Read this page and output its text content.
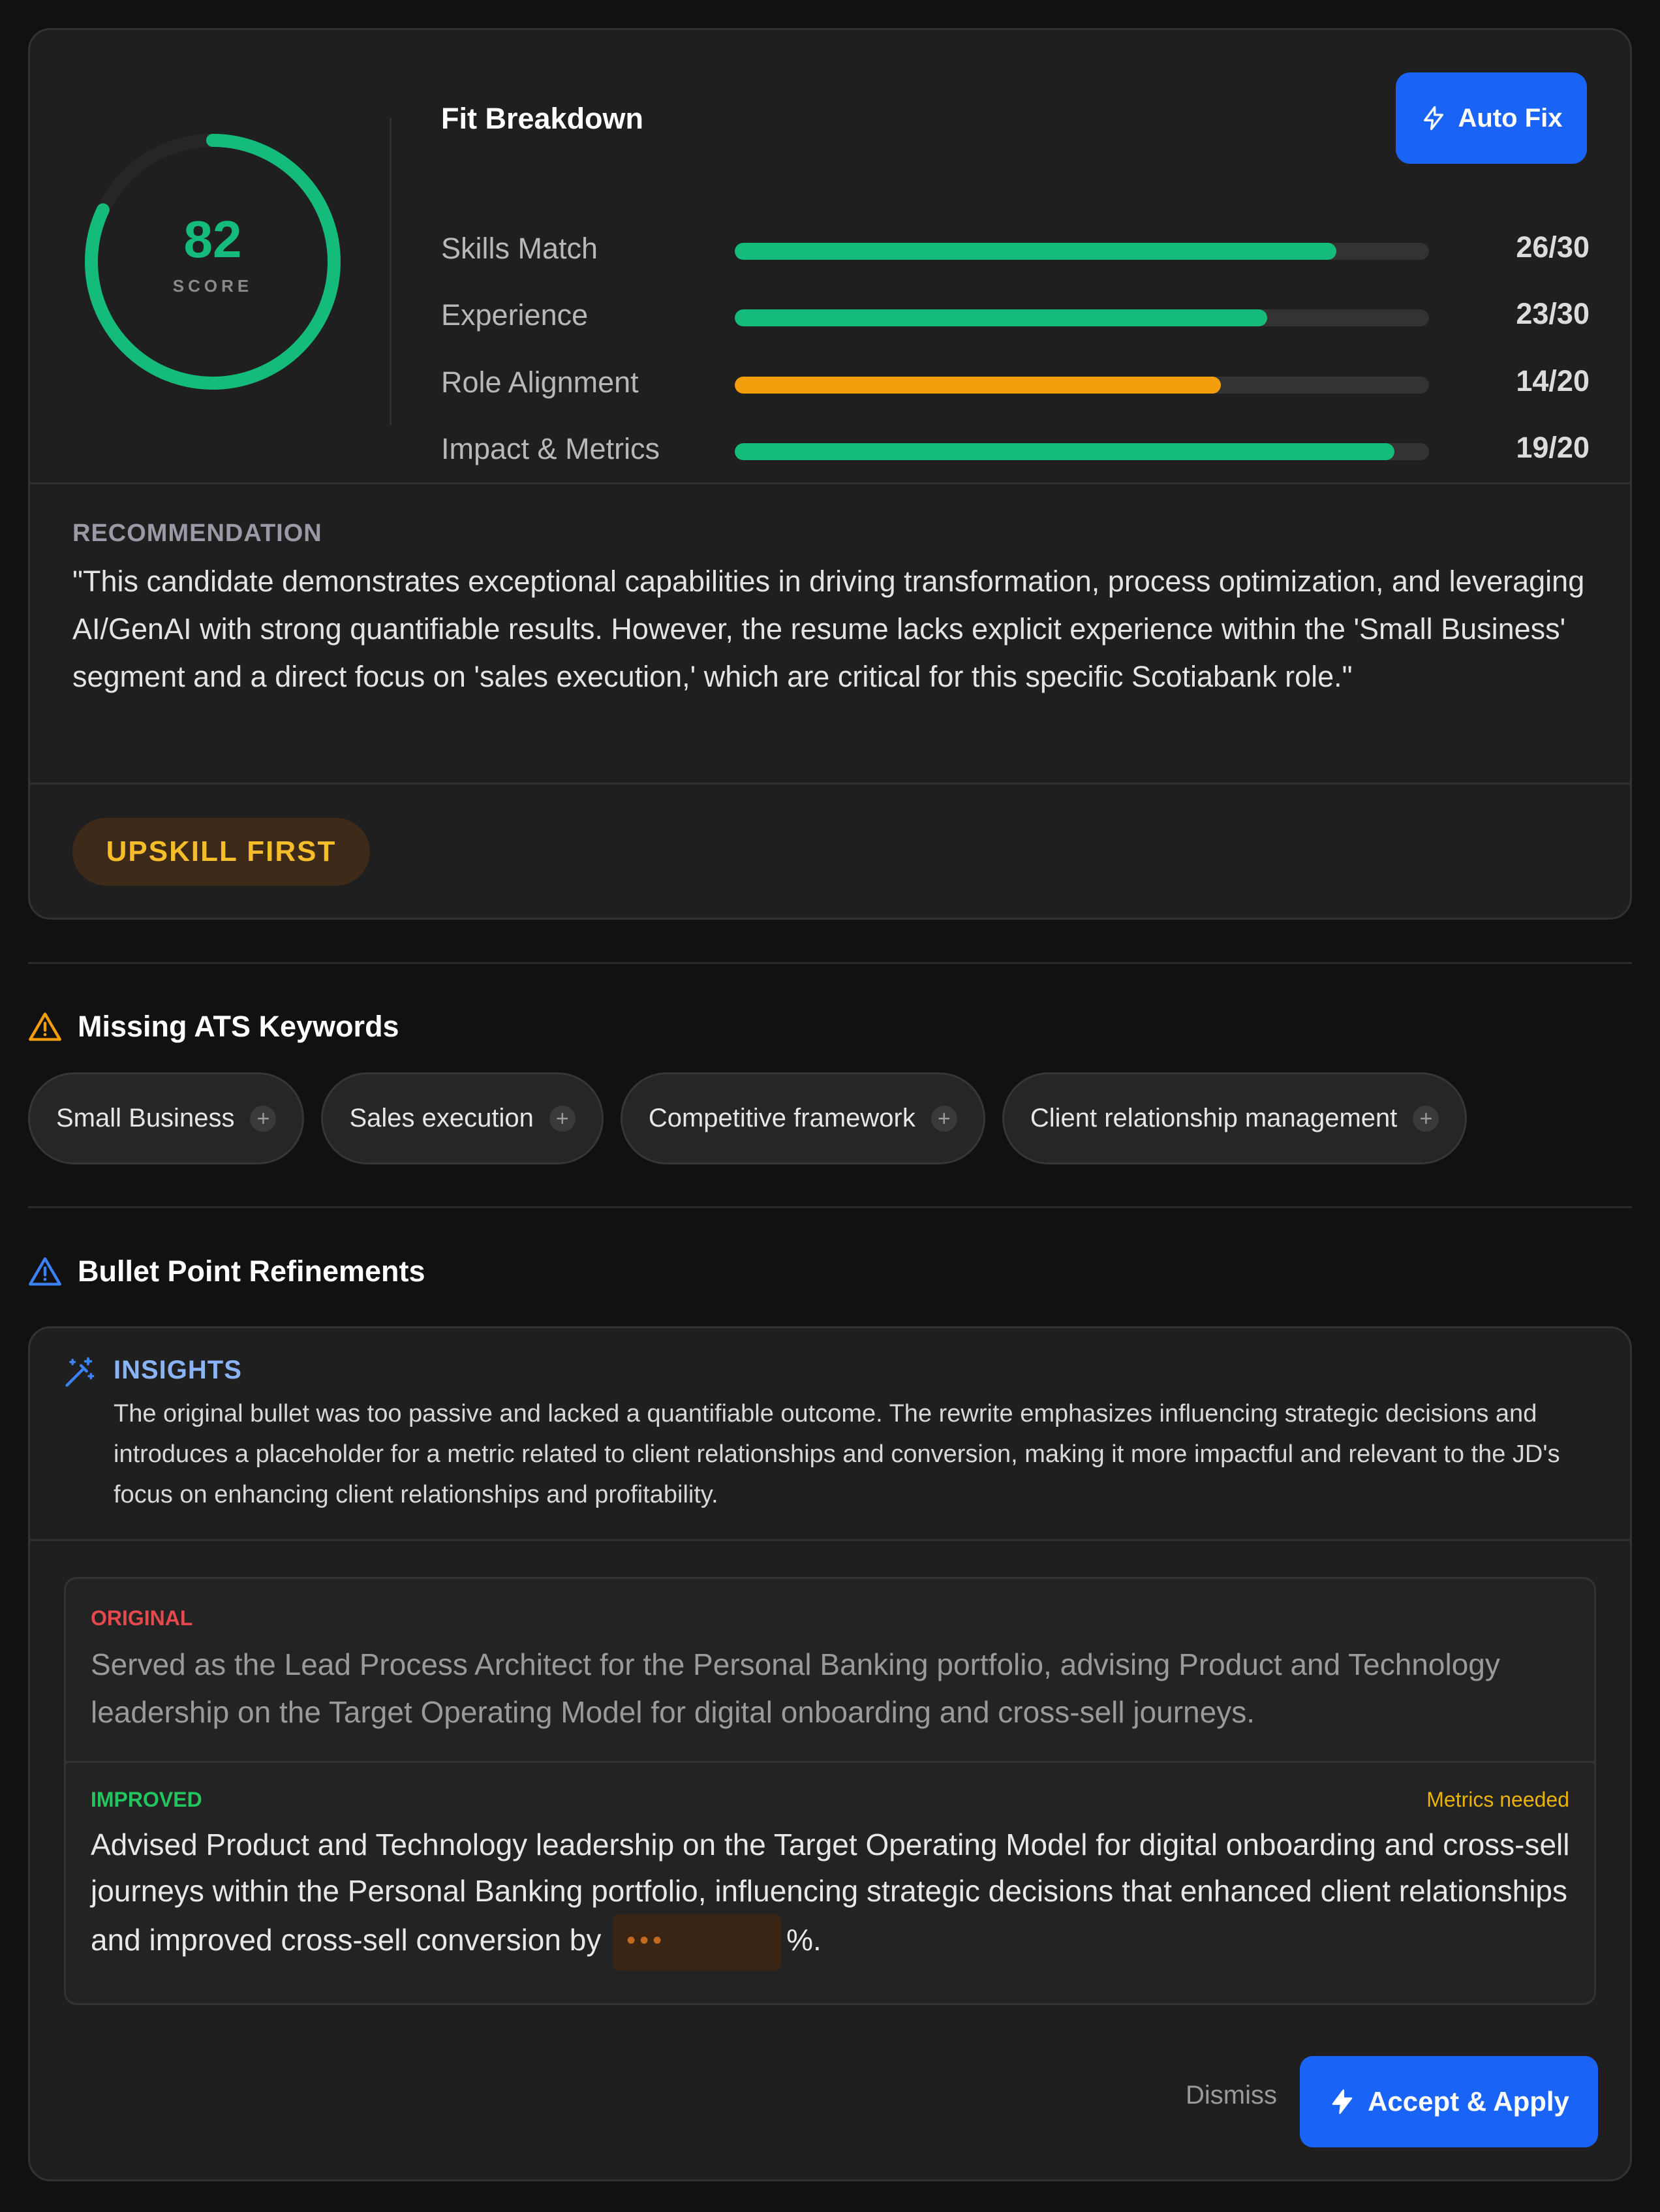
82
SCORE
Fit Breakdown	Auto Fix
Skills Match	26/30
Experience	23/30
Role Alignment	14/20
Impact & Metrics	19/20
RECOMMENDATION
"This candidate demonstrates exceptional capabilities in driving transformation, process optimization, and leveraging AI/GenAI with strong quantifiable results. However, the resume lacks explicit experience within the 'Small Business' segment and a direct focus on 'sales execution,' which are critical for this specific Scotiabank role."
UPSKILL FIRST
Missing ATS Keywords
Small Business +	Sales execution +	Competitive framework +	Client relationship management +
Bullet Point Refinements
INSIGHTS
The original bullet was too passive and lacked a quantifiable outcome. The rewrite emphasizes influencing strategic decisions and introduces a placeholder for a metric related to client relationships and conversion, making it more impactful and relevant to the JD's focus on enhancing client relationships and profitability.
ORIGINAL
Served as the Lead Process Architect for the Personal Banking portfolio, advising Product and Technology leadership on the Target Operating Model for digital onboarding and cross-sell journeys.
IMPROVED	Metrics needed
Advised Product and Technology leadership on the Target Operating Model for digital onboarding and cross-sell journeys within the Personal Banking portfolio, influencing strategic decisions that enhanced client relationships and improved cross-sell conversion by •••	%.
Dismiss	Accept & Apply
